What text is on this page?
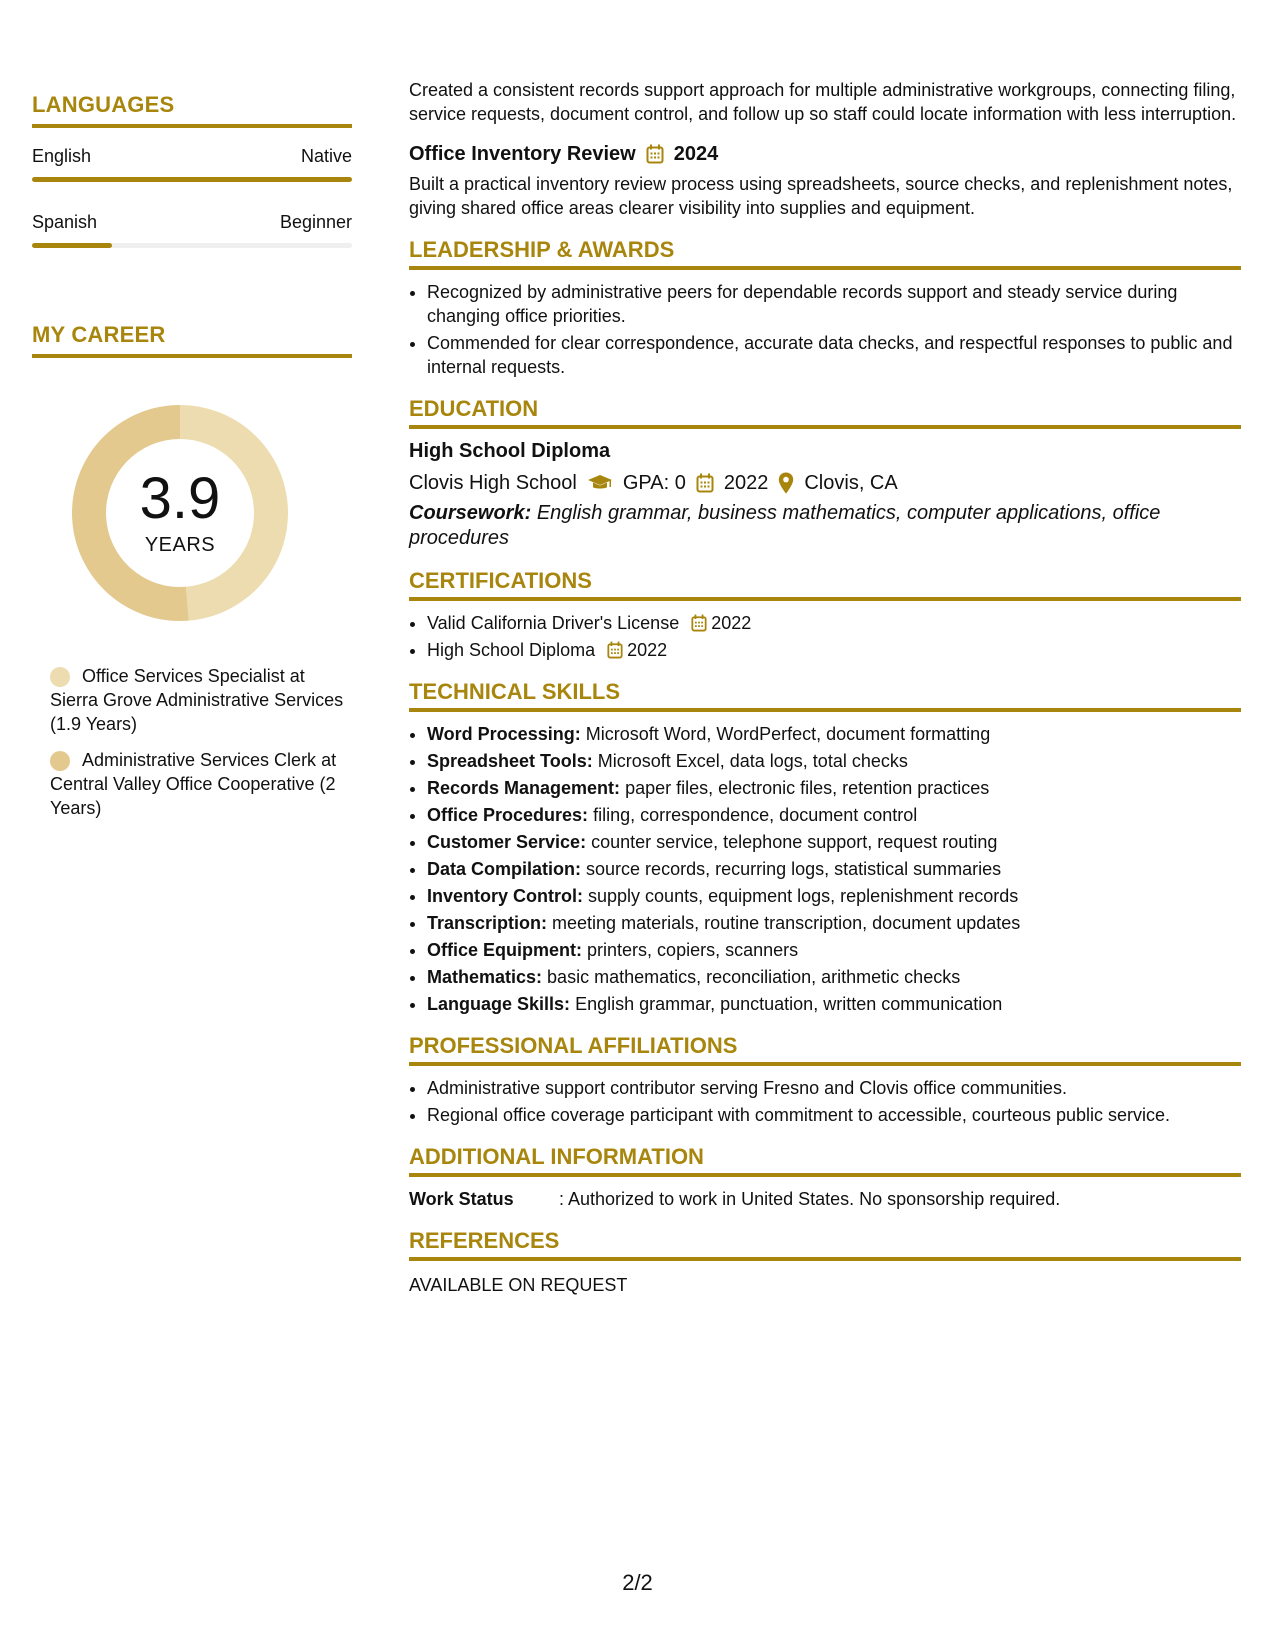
LANGUAGES
English	Native
Spanish	Beginner
MY CAREER
3.9
YEARS
Office Services Specialist at Sierra Grove Administrative Services (1.9 Years)
Administrative Services Clerk at Central Valley Office Cooperative (2 Years)

Created a consistent records support approach for multiple administrative workgroups, connecting filing, service requests, document control, and follow up so staff could locate information with less interruption.

Office Inventory Review 2024

Built a practical inventory review process using spreadsheets, source checks, and replenishment notes, giving shared office areas clearer visibility into supplies and equipment.

LEADERSHIP & AWARDS
• Recognized by administrative peers for dependable records support and steady service during changing office priorities.
• Commended for clear correspondence, accurate data checks, and respectful responses to public and internal requests.
EDUCATION
High School Diploma
Clovis High School GPA: 0 2022 Clovis, CA
Coursework: English grammar, business mathematics, computer applications, office procedures
CERTIFICATIONS
• Valid California Driver's License 2022
• High School Diploma 2022
TECHNICAL SKILLS
• Word Processing: Microsoft Word, WordPerfect, document formatting
• Spreadsheet Tools: Microsoft Excel, data logs, total checks
• Records Management: paper files, electronic files, retention practices
• Office Procedures: filing, correspondence, document control
• Customer Service: counter service, telephone support, request routing
• Data Compilation: source records, recurring logs, statistical summaries
• Inventory Control: supply counts, equipment logs, replenishment records
• Transcription: meeting materials, routine transcription, document updates
• Office Equipment: printers, copiers, scanners
• Mathematics: basic mathematics, reconciliation, arithmetic checks
• Language Skills: English grammar, punctuation, written communication
PROFESSIONAL AFFILIATIONS
• Administrative support contributor serving Fresno and Clovis office communities.
• Regional office coverage participant with commitment to accessible, courteous public service.
ADDITIONAL INFORMATION
Work Status	: Authorized to work in United States. No sponsorship required.
REFERENCES
AVAILABLE ON REQUEST
2/2
